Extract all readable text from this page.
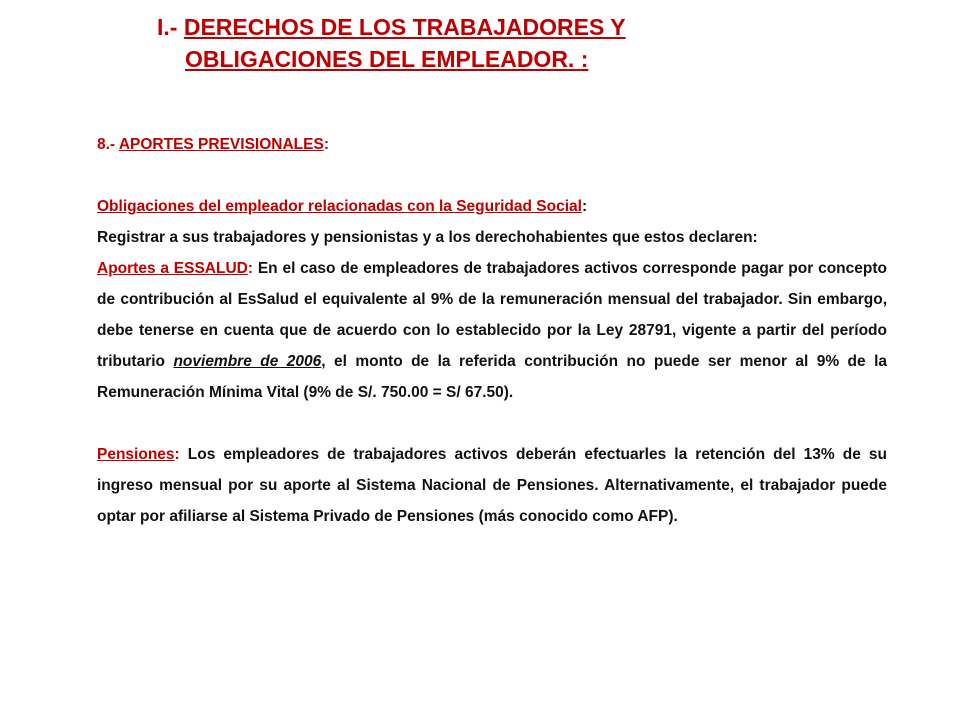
I.- DERECHOS DE LOS TRABAJADORES Y
OBLIGACIONES DEL EMPLEADOR. :

8.- APORTES PREVISIONALES:

Obligaciones del empleador relacionadas con la Seguridad Social:

Registrar a sus trabajadores y pensionistas y a los derechohabientes que estos declaren:

Aportes a ESSALUD: En el caso de empleadores de trabajadores activos corresponde pagar por concepto de contribución al EsSalud el equivalente al 9% de la remuneración mensual del trabajador. Sin embargo, debe tenerse en cuenta que de acuerdo con lo establecido por la Ley 28791, vigente a partir del período tributario noviembre de 2006, el monto de la referida contribución no puede ser menor al 9% de la Remuneración Mínima Vital (9% de S/. 750.00 = S/ 67.50).

Pensiones: Los empleadores de trabajadores activos deberán efectuarles la retención del 13% de su ingreso mensual por su aporte al Sistema Nacional de Pensiones. Alternativamente, el trabajador puede optar por afiliarse al Sistema Privado de Pensiones (más conocido como AFP).
